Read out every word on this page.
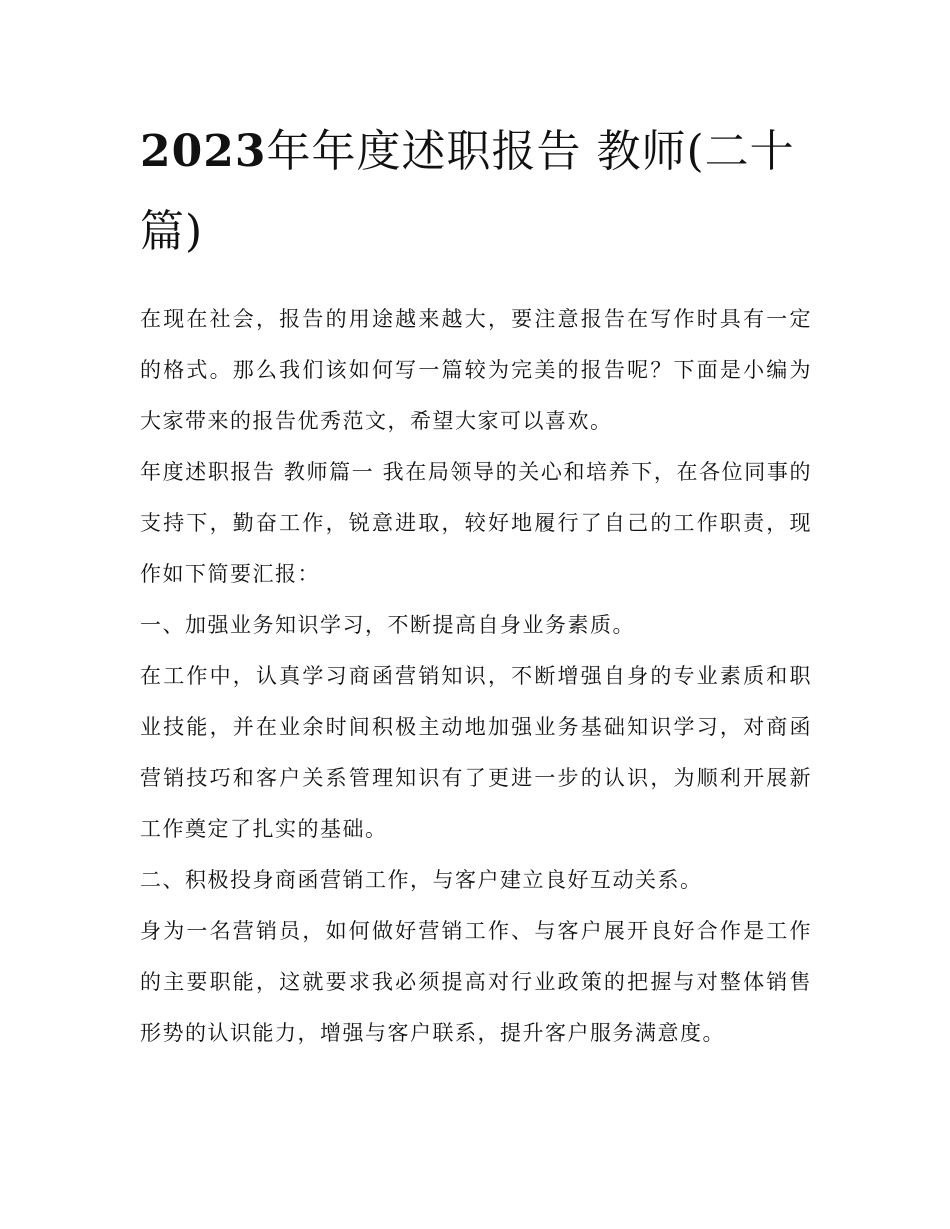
2023年年度述职报告 教师(二十篇)

在现在社会，报告的用途越来越大，要注意报告在写作时具有一定的格式。那么我们该如何写一篇较为完美的报告呢？下面是小编为大家带来的报告优秀范文，希望大家可以喜欢。

年度述职报告 教师篇一 我在局领导的关心和培养下，在各位同事的支持下，勤奋工作，锐意进取，较好地履行了自己的工作职责，现作如下简要汇报：

一、加强业务知识学习，不断提高自身业务素质。

在工作中，认真学习商函营销知识，不断增强自身的专业素质和职业技能，并在业余时间积极主动地加强业务基础知识学习，对商函营销技巧和客户关系管理知识有了更进一步的认识，为顺利开展新工作奠定了扎实的基础。

二、积极投身商函营销工作，与客户建立良好互动关系。

身为一名营销员，如何做好营销工作、与客户展开良好合作是工作的主要职能，这就要求我必须提高对行业政策的把握与对整体销售形势的认识能力，增强与客户联系，提升客户服务满意度。
